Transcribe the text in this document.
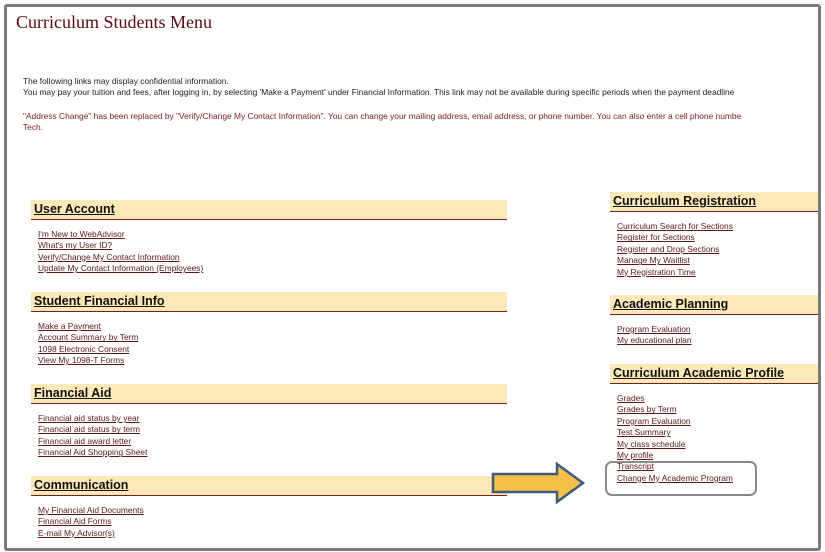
Curriculum Students Menu
The following links may display confidential information.
You may pay your tuition and fees, after logging in, by selecting 'Make a Payment' under Financial Information. This link may not be available during specific periods when the payment deadline
"Address Change" has been replaced by "Verify/Change My Contact Information". You can change your mailing address, email address, or phone number. You can also enter a cell phone numbe
Tech.
User Account
I'm New to WebAdvisor
What's my User ID?
Verify/Change My Contact Information
Update My Contact Information (Employees)
Student Financial Info
Make a Payment
Account Summary by Term
1098 Electronic Consent
View My 1098-T Forms
Financial Aid
Financial aid status by year
Financial aid status by term
Financial aid award letter
Financial Aid Shopping Sheet
Communication
My Financial Aid Documents
Financial Aid Forms
E-mail My Advisor(s)
Curriculum Registration
Curriculum Search for Sections
Register for Sections
Register and Drop Sections
Manage My Waitlist
My Registration Time
Academic Planning
Program Evaluation
My educational plan
Curriculum Academic Profile
Grades
Grades by Term
Program Evaluation
Test Summary
My class schedule
My profile
Transcript
Change My Academic Program
